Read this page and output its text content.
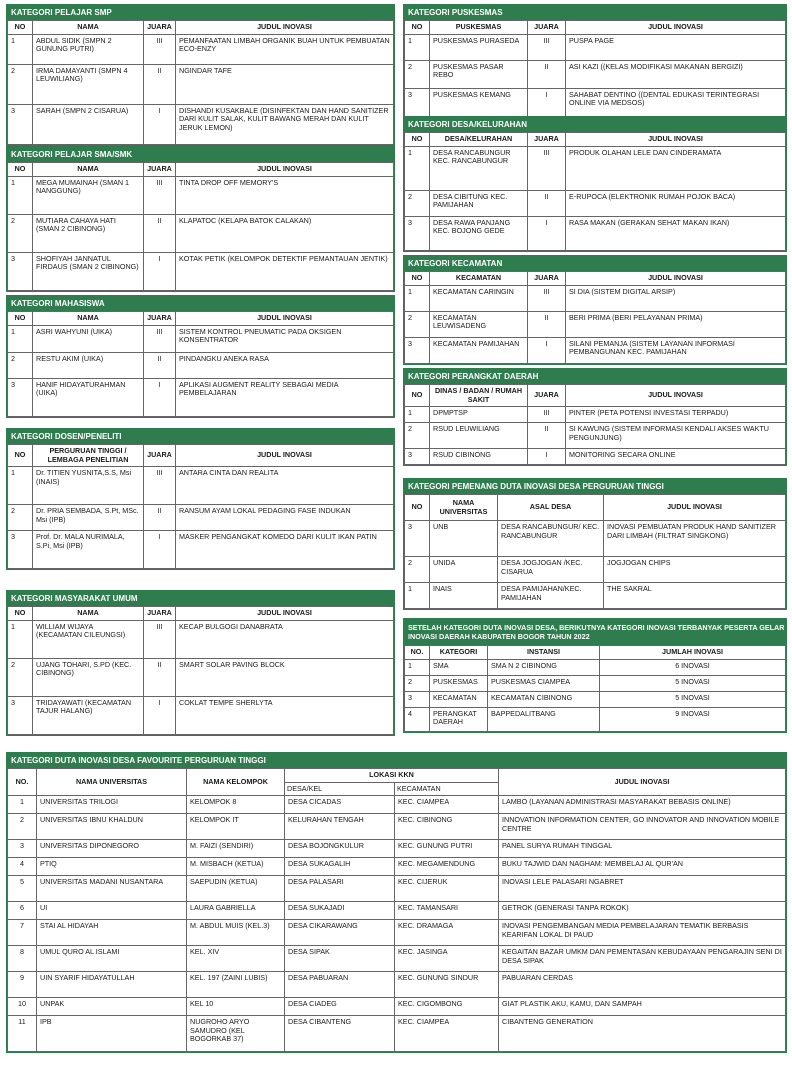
KATEGORI PELAJAR SMP
NO	NAMA	JUARA	JUDUL INOVASI
1	ABDUL SIDIK (SMPN 2 GUNUNG PUTRI)	III	PEMANFAATAN LIMBAH ORGANIK BUAH UNTUK PEMBUATAN ECO-ENZY
2	IRMA DAMAYANTI (SMPN 4 LEUWILIANG)	II	NGINDAR TAFE
3	SARAH (SMPN 2 CISARUA)	I	DISHANDI KUSAKBALE (DISINFEKTAN DAN HAND SANITIZER DARI KULIT SALAK, KULIT BAWANG MERAH DAN KULIT JERUK LEMON)
KATEGORI PELAJAR SMA/SMK
NO	NAMA	JUARA	JUDUL INOVASI
1	MEGA MUMAINAH (SMAN 1 NANGGUNG)	III	TINTA DROP OFF MEMORY'S
2	MUTIARA CAHAYA HATI (SMAN 2 CIBINONG)	II	KLAPATOC (KELAPA BATOK CALAKAN)
3	SHOFIYAH JANNATUL FIRDAUS (SMAN 2 CIBINONG)	I	KOTAK PETIK (KELOMPOK DETEKTIF PEMANTAUAN JENTIK)
KATEGORI MAHASISWA
NO	NAMA	JUARA	JUDUL INOVASI
1	ASRI WAHYUNI (UIKA)	III	SISTEM KONTROL PNEUMATIC PADA OKSIGEN KONSENTRATOR
2	RESTU AKIM (UIKA)	II	PINDANGKU ANEKA RASA
3	HANIF HIDAYATURAHMAN (UIKA)	I	APLIKASI AUGMENT REALITY SEBAGAI MEDIA PEMBELAJARAN
KATEGORI DOSEN/PENELITI
NO	PERGURUAN TINGGI / LEMBAGA PENELITIAN	JUARA	JUDUL INOVASI
1	Dr. TITIEN YUSNITA,S.S, Msi (INAIS)	III	ANTARA CINTA DAN REALITA
2	Dr. PRIA SEMBADA, S.Pt, MSc. Msi (IPB)	II	RANSUM AYAM LOKAL PEDAGING FASE INDUKAN
3	Prof. Dr. MALA NURIMALA, S.Pi, Msi (IPB)	I	MASKER PENGANGKAT KOMEDO DARI KULIT IKAN PATIN
KATEGORI MASYARAKAT UMUM
NO	NAMA	JUARA	JUDUL INOVASI
1	WILLIAM WIJAYA (KECAMATAN CILEUNGSI)	III	KECAP BULGOGI DANABRATA
2	UJANG TOHARI, S.PD (KEC. CIBINONG)	II	SMART SOLAR PAVING BLOCK
3	TRIDAYAWATI (KECAMATAN TAJUR HALANG)	I	COKLAT TEMPE SHERLYTA
KATEGORI PUSKESMAS
NO	PUSKESMAS	JUARA	JUDUL INOVASI
1	PUSKESMAS PURASEDA	III	PUSPA PAGE
2	PUSKESMAS PASAR REBO	II	ASI KAZI ((KELAS MODIFIKASI MAKANAN BERGIZI)
3	PUSKESMAS KEMANG	I	SAHABAT DENTINO ((DENTAL EDUKASI TERINTEGRASI ONLINE VIA MEDSOS)
KATEGORI DESA/KELURAHAN
NO	DESA/KELURAHAN	JUARA	JUDUL INOVASI
1	DESA RANCABUNGUR KEC. RANCABUNGUR	III	PRODUK OLAHAN LELE DAN CINDERAMATA
2	DESA CIBITUNG KEC. PAMIJAHAN	II	E-RUPOCA (ELEKTRONIK RUMAH POJOK BACA)
3	DESA RAWA PANJANG KEC. BOJONG GEDE	I	RASA MAKAN (GERAKAN SEHAT MAKAN IKAN)
KATEGORI KECAMATAN
NO	KECAMATAN	JUARA	JUDUL INOVASI
1	KECAMATAN CARINGIN	III	SI DIA (SISTEM DIGITAL ARSIP)
2	KECAMATAN LEUWISADENG	II	BERI PRIMA (BERI PELAYANAN PRIMA)
3	KECAMATAN PAMIJAHAN	I	SILANI PEMANJA (SISTEM LAYANAN INFORMASI PEMBANGUNAN KEC. PAMIJAHAN
KATEGORI PERANGKAT DAERAH
NO	DINAS / BADAN / RUMAH SAKIT	JUARA	JUDUL INOVASI
1	DPMPTSP	III	PINTER (PETA POTENSI INVESTASI TERPADU)
2	RSUD LEUWILIANG	II	SI KAWUNG (SISTEM INFORMASI KENDALI AKSES WAKTU PENGUNJUNG)
3	RSUD CIBINONG	I	MONITORING SECARA ONLINE
KATEGORI PEMENANG DUTA INOVASI DESA PERGURUAN TINGGI
NO	NAMA UNIVERSITAS	ASAL DESA	JUDUL INOVASI
3	UNB	DESA RANCABUNGUR/ KEC. RANCABUNGUR	INOVASI PEMBUATAN PRODUK HAND SANITIZER DARI LIMBAH (FILTRAT SINGKONG)
2	UNIDA	DESA JOGJOGAN /KEC. CISARUA	JOGJOGAN CHIPS
1	INAIS	DESA PAMIJAHAN/KEC. PAMIJAHAN	THE SAKRAL
SETELAH KATEGORI DUTA INOVASI DESA, BERIKUTNYA KATEGORI INOVASI TERBANYAK PESERTA GELAR INOVASI DAERAH KABUPATEN BOGOR TAHUN 2022
NO.	KATEGORI	INSTANSI	JUMLAH INOVASI
1	SMA	SMA N 2 CIBINONG	6 INOVASI
2	PUSKESMAS	PUSKESMAS CIAMPEA	5 INOVASI
3	KECAMATAN	KECAMATAN CIBINONG	5 INOVASI
4	PERANGKAT DAERAH	BAPPEDALITBANG	9 INOVASI
KATEGORI DUTA INOVASI DESA FAVOURITE PERGURUAN TINGGI
NO.	NAMA UNIVERSITAS	NAMA KELOMPOK	LOKASI KKN		JUDUL INOVASI
			DESA/KEL	KECAMATAN	
1	UNIVERSITAS TRILOGI	KELOMPOK 8	DESA CICADAS	KEC. CIAMPEA	LAMBO (LAYANAN ADMINISTRASI MASYARAKAT BEBASIS ONLINE)
2	UNIVERSITAS IBNU KHALDUN	KELOMPOK IT	KELURAHAN TENGAH	KEC. CIBINONG	INNOVATION INFORMATION CENTER, GO INNOVATOR AND INNOVATION MOBILE CENTRE
3	UNIVERSITAS DIPONEGORO	M. FAIZI (SENDIRI)	DESA BOJONGKULUR	KEC. GUNUNG PUTRI	PANEL SURYA RUMAH TINGGAL
4	PTIQ	M. MISBACH (KETUA)	DESA SUKAGALIH	KEC. MEGAMENDUNG	BUKU TAJWID DAN NAGHAM: MEMBELAJ AL QUR'AN
5	UNIVERSITAS MADANI NUSANTARA	SAEPUDIN (KETUA)	DESA PALASARI	KEC. CIJERUK	INOVASI LELE PALASARI NGABRET
6	UI	LAURA GABRIELLA	DESA SUKAJADI	KEC. TAMANSARI	GETROK (GENERASI TANPA ROKOK)
7	STAI AL HIDAYAH	M. ABDUL MUIS (KEL.3)	DESA CIKARAWANG	KEC. DRAMAGA	INOVASI PENGEMBANGAN MEDIA PEMBELAJARAN TEMATIK BERBASIS KEARIFAN LOKAL DI PAUD
8	UMUL QURO AL ISLAMI	KEL. XIV	DESA SIPAK	KEC. JASINGA	KEGAITAN BAZAR UMKM DAN PEMENTASAN KEBUDAYAAN PENGARAJIN SENI DI DESA SIPAK
9	UIN SYARIF HIDAYATULLAH	KEL. 197 (ZAINI LUBIS)	DESA PABUARAN	KEC. GUNUNG SINDUR	PABUARAN CERDAS
10	UNPAK	KEL 10	DESA CIADEG	KEC. CIGOMBONG	GIAT PLASTIK AKU, KAMU, DAN SAMPAH
11	IPB	NUGROHO ARYO SAMUDRO (KEL BOGORKAB 37)	DESA CIBANTENG	KEC. CIAMPEA	CIBANTENG GENERATION
